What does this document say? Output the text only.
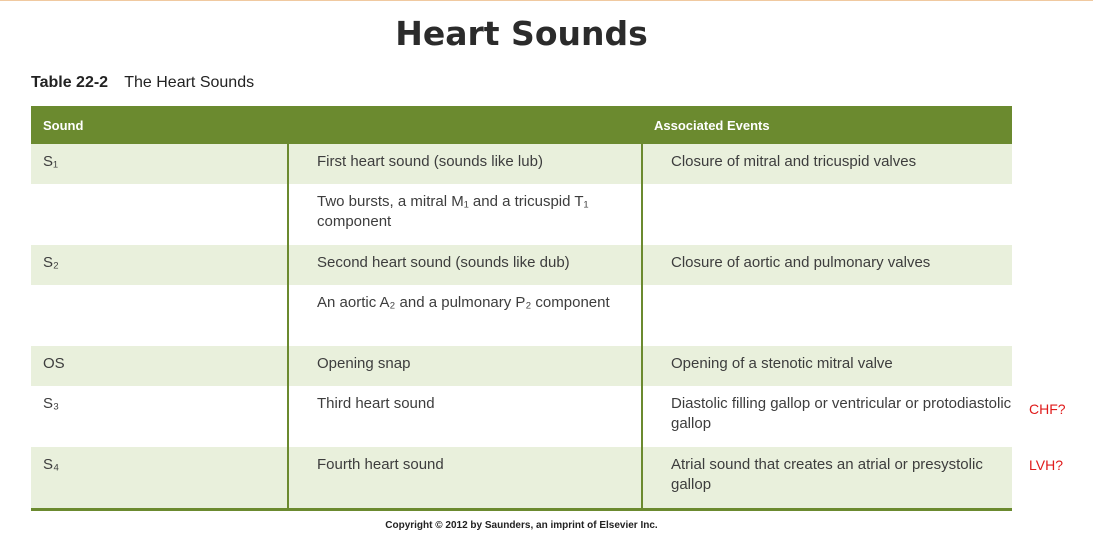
Heart Sounds
Table 22-2 The Heart Sounds
Sound		Associated Events
S₁	First heart sound (sounds like lub)	Closure of mitral and tricuspid valves
	Two bursts, a mitral M₁ and a tricuspid T₁ component	
S₂	Second heart sound (sounds like dub)	Closure of aortic and pulmonary valves
	An aortic A₂ and a pulmonary P₂ component	
OS	Opening snap	Opening of a stenotic mitral valve
S₃	Third heart sound	Diastolic filling gallop or ventricular or protodiastolic gallop
S₄	Fourth heart sound	Atrial sound that creates an atrial or presystolic gallop
Copyright © 2012 by Saunders, an imprint of Elsevier Inc.
CHF?
LVH?
